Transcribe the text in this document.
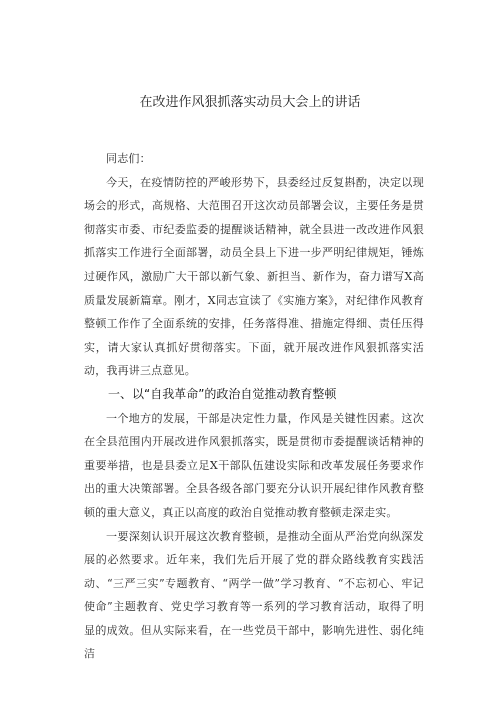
在改进作风狠抓落实动员大会上的讲话

同志们：

今天，在疫情防控的严峻形势下，县委经过反复斟酌，决定以现场会的形式，高规格、大范围召开这次动员部署会议，主要任务是贯彻落实市委、市纪委监委的提醒谈话精神，就全县进一改改进作风狠抓落实工作进行全面部署，动员全县上下进一步严明纪律规矩，锤炼过硬作风，激励广大干部以新气象、新担当、新作为，奋力谱写X高质量发展新篇章。刚才，X同志宣读了《实施方案》，对纪律作风教育整顿工作作了全面系统的安排，任务落得准、措施定得细、责任压得实，请大家认真抓好贯彻落实。下面，就开展改进作风狠抓落实活动，我再讲三点意见。

一、以“自我革命”的政治自觉推动教育整顿

一个地方的发展，干部是决定性力量，作风是关键性因素。这次在全县范围内开展改进作风狠抓落实，既是贯彻市委提醒谈话精神的重要举措，也是县委立足X干部队伍建设实际和改革发展任务要求作出的重大决策部署。全县各级各部门要充分认识开展纪律作风教育整顿的重大意义，真正以高度的政治自觉推动教育整顿走深走实。

一要深刻认识开展这次教育整顿，是推动全面从严治党向纵深发展的必然要求。近年来，我们先后开展了党的群众路线教育实践活动、“三严三实”专题教育、“两学一做”学习教育、“不忘初心、牢记使命”主题教育、党史学习教育等一系列的学习教育活动，取得了明显的成效。但从实际来看，在一些党员干部中，影响先进性、弱化纯洁
